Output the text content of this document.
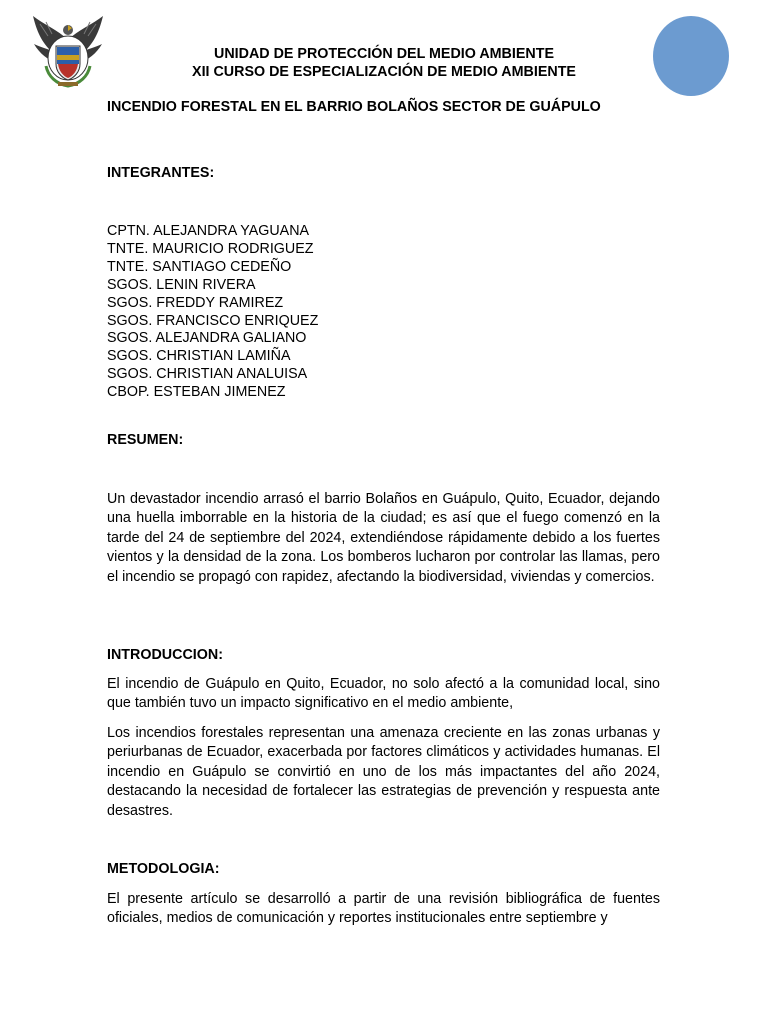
UNIDAD DE PROTECCIÓN DEL MEDIO AMBIENTE
XII CURSO DE ESPECIALIZACIÓN DE MEDIO AMBIENTE
INCENDIO FORESTAL EN EL BARRIO BOLAÑOS SECTOR DE GUÁPULO
INTEGRANTES:
CPTN. ALEJANDRA YAGUANA
TNTE. MAURICIO RODRIGUEZ
TNTE. SANTIAGO CEDEÑO
SGOS. LENIN RIVERA
SGOS. FREDDY RAMIREZ
SGOS. FRANCISCO ENRIQUEZ
SGOS. ALEJANDRA GALIANO
SGOS. CHRISTIAN LAMIÑA
SGOS. CHRISTIAN ANALUISA
CBOP. ESTEBAN JIMENEZ
RESUMEN:

Un devastador incendio arrasó el barrio Bolaños en Guápulo, Quito, Ecuador, dejando una huella imborrable en la historia de la ciudad; es así que el fuego comenzó en la tarde del 24 de septiembre del 2024, extendiéndose rápidamente debido a los fuertes vientos y la densidad de la zona. Los bomberos lucharon por controlar las llamas, pero el incendio se propagó con rapidez, afectando la biodiversidad, viviendas y comercios.

INTRODUCCION:

El incendio de Guápulo en Quito, Ecuador, no solo afectó a la comunidad local, sino que también tuvo un impacto significativo en el medio ambiente,

Los incendios forestales representan una amenaza creciente en las zonas urbanas y periurbanas de Ecuador, exacerbada por factores climáticos y actividades humanas. El incendio en Guápulo se convirtió en uno de los más impactantes del año 2024, destacando la necesidad de fortalecer las estrategias de prevención y respuesta ante desastres.

METODOLOGIA:

El presente artículo se desarrolló a partir de una revisión bibliográfica de fuentes oficiales, medios de comunicación y reportes institucionales entre septiembre y
